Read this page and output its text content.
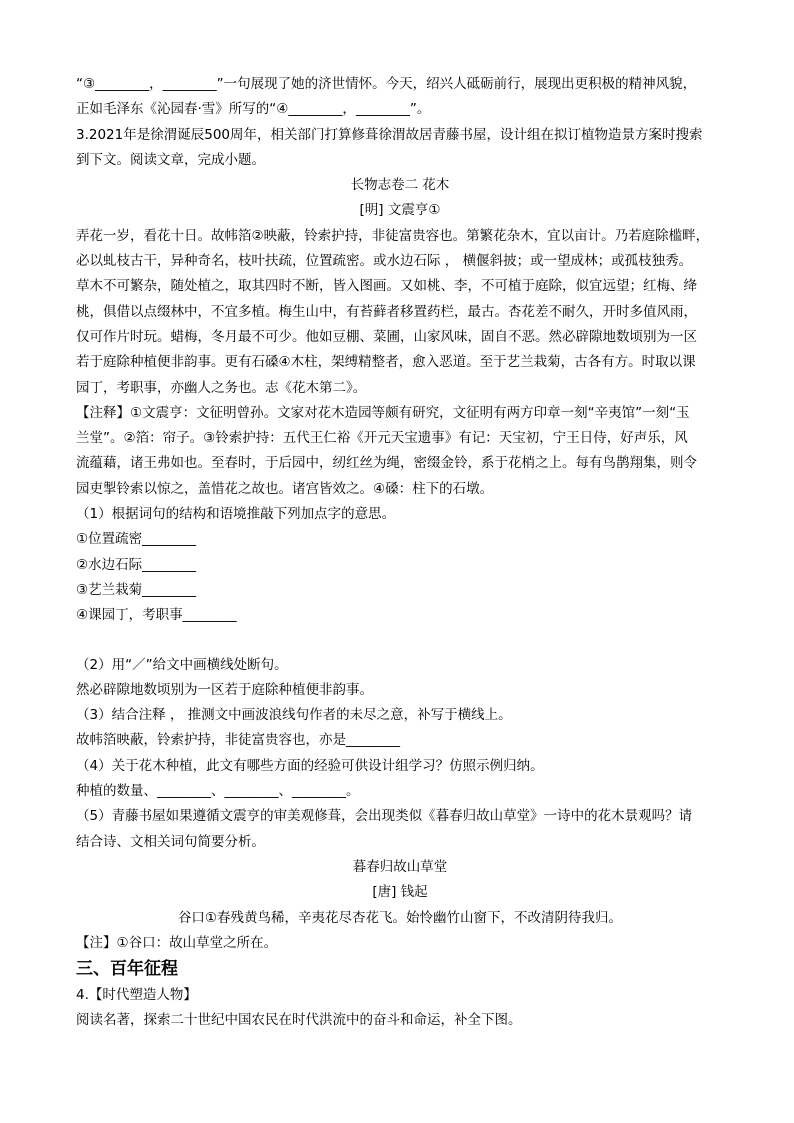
“③________，________”一句展现了她的济世情怀。今天，绍兴人砥砺前行，展现出更积极的精神风貌，
正如毛泽东《沁园春·雪》所写的“④________，________”。
3.2021年是徐渭诞辰500周年，相关部门打算修葺徐渭故居青藤书屋，设计组在拟订植物造景方案时搜索
到下文。阅读文章，完成小题。
长物志卷二 花木
[明] 文震亨①
弄花一岁，看花十日。故帏箔②映蔽，铃索护持，非徒富贵容也。第繁花杂木，宜以亩计。乃若庭除槛畔，
必以虬枝古干，异种奇名，枝叶扶疏，位置疏密。或水边石际 ， 横偃斜披；或一望成林；或孤枝独秀。
草木不可繁杂，随处植之，取其四时不断，皆入图画。又如桃、李，不可植于庭除，似宜远望；红梅、绛
桃，俱借以点缀林中，不宜多植。梅生山中，有苔藓者移置药栏，最古。杏花差不耐久，开时多值风雨，
仅可作片时玩。蜡梅，冬月最不可少。他如豆棚、菜圃，山家风味，固自不恶。然必辟隙地数顷别为一区
若于庭除种植便非韵事。更有石磉④木柱，架缚精整者，愈入恶道。至于艺兰栽菊，古各有方。时取以课
园丁，考职事，亦幽人之务也。志《花木第二》。
【注释】①文震亨：文征明曾孙。文家对花木造园等颇有研究，文征明有两方印章一刻“辛夷馆”一刻“玉
兰堂”。②箔：帘子。③铃索护持：五代王仁裕《开元天宝遗事》有记：天宝初，宁王日侍，好声乐，风
流蕴藉，诸王弗如也。至春时，于后园中，纫红丝为绳，密缀金铃，系于花梢之上。每有鸟鹊翔集，则令
园吏掣铃索以惊之，盖惜花之故也。诸宫皆效之。④磉：柱下的石墩。
（1）根据词句的结构和语境推敲下列加点字的意思。
①位置疏密________
②水边石际________
③艺兰栽菊________
④课园丁，考职事________
（2）用“／”给文中画横线处断句。
然必辟隙地数顷别为一区若于庭除种植便非韵事。
（3）结合注释 ， 推测文中画波浪线句作者的未尽之意，补写于横线上。
故帏箔映蔽，铃索护持，非徒富贵容也，亦是________
（4）关于花木种植，此文有哪些方面的经验可供设计组学习？仿照示例归纳。
种植的数量、________、________、________。
（5）青藤书屋如果遵循文震亨的审美观修葺，会出现类似《暮春归故山草堂》一诗中的花木景观吗？请
结合诗、文相关词句简要分析。
暮春归故山草堂
[唐] 钱起
谷口①春残黄鸟稀，辛夷花尽杏花飞。始怜幽竹山窗下，不改清阴待我归。
【注】①谷口：故山草堂之所在。
三、百年征程
4.【时代塑造人物】
阅读名著，探索二十世纪中国农民在时代洪流中的奋斗和命运，补全下图。
